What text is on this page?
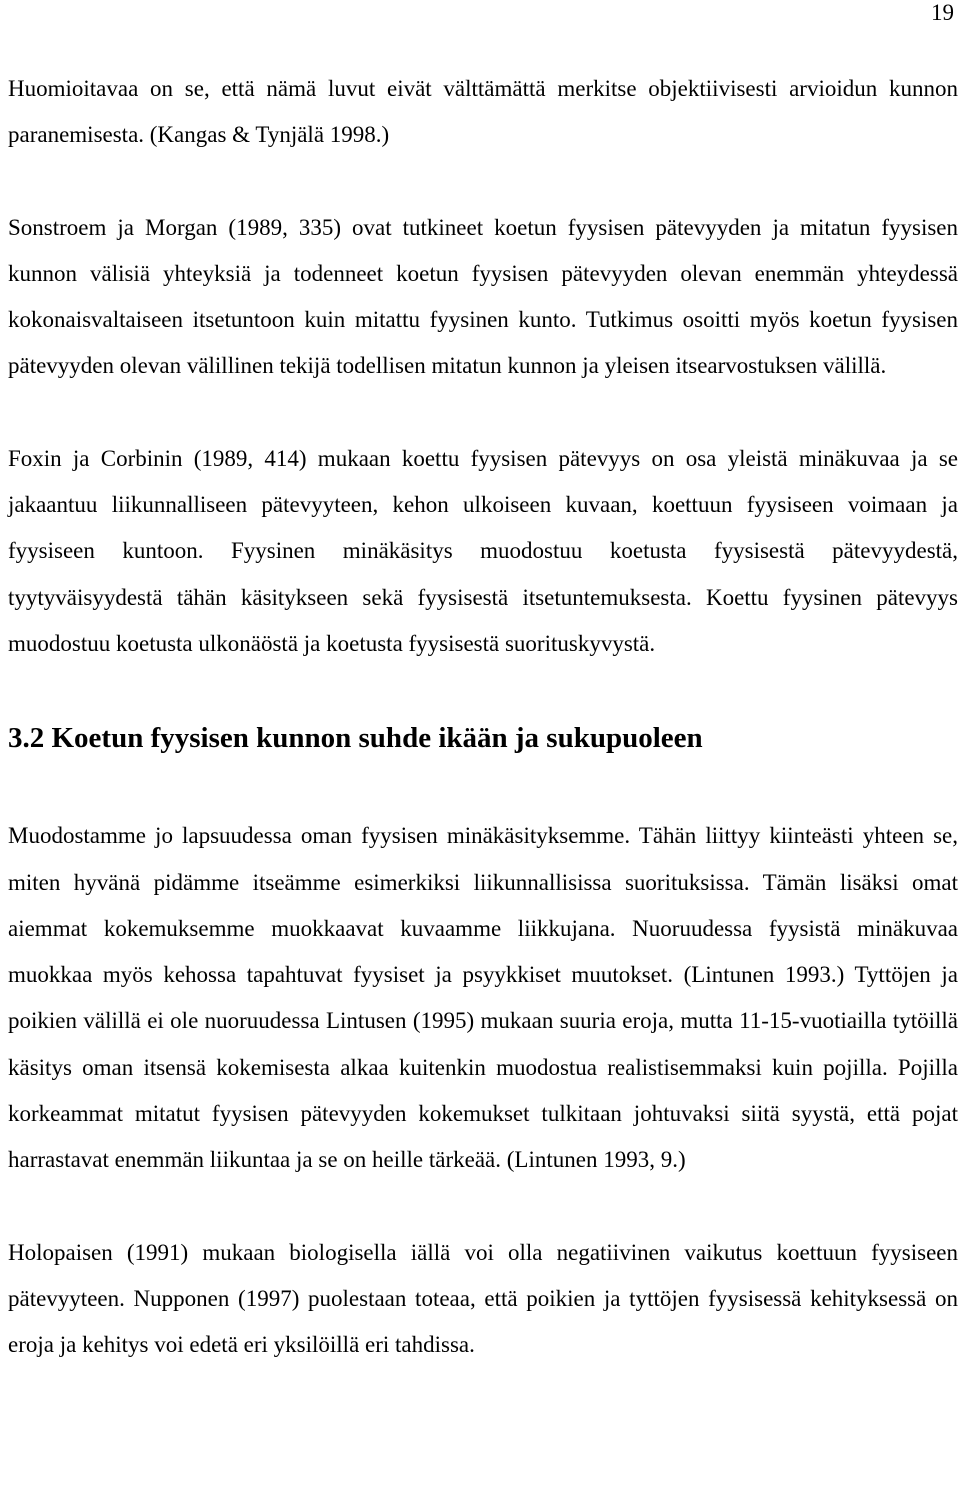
19

Huomioitavaa on se, että nämä luvut eivät välttämättä merkitse objektiivisesti arvioidun kunnon paranemisesta. (Kangas & Tynjälä 1998.)

Sonstroem ja Morgan (1989, 335) ovat tutkineet koetun fyysisen pätevyyden ja mitatun fyysisen kunnon välisiä yhteyksiä ja todenneet koetun fyysisen pätevyyden olevan enemmän yhteydessä kokonaisvaltaiseen itsetuntoon kuin mitattu fyysinen kunto. Tutkimus osoitti myös koetun fyysisen pätevyyden olevan välillinen tekijä todellisen mitatun kunnon ja yleisen itsearvostuksen välillä.

Foxin ja Corbinin (1989, 414) mukaan koettu fyysisen pätevyys on osa yleistä minäkuvaa ja se jakaantuu liikunnalliseen pätevyyteen, kehon ulkoiseen kuvaan, koettuun fyysiseen voimaan ja fyysiseen kuntoon. Fyysinen minäkäsitys muodostuu koetusta fyysisestä pätevyydestä, tyytyväisyydestä tähän käsitykseen sekä fyysisestä itsetuntemuksesta. Koettu fyysinen pätevyys muodostuu koetusta ulkonäöstä ja koetusta fyysisestä suorituskyvystä.

3.2 Koetun fyysisen kunnon suhde ikään ja sukupuoleen

Muodostamme jo lapsuudessa oman fyysisen minäkäsityksemme. Tähän liittyy kiinteästi yhteen se, miten hyvänä pidämme itseämme esimerkiksi liikunnallisissa suorituksissa. Tämän lisäksi omat aiemmat kokemuksemme muokkaavat kuvaamme liikkujana. Nuoruudessa fyysistä minäkuvaa muokkaa myös kehossa tapahtuvat fyysiset ja psyykkiset muutokset. (Lintunen 1993.) Tyttöjen ja poikien välillä ei ole nuoruudessa Lintusen (1995) mukaan suuria eroja, mutta 11-15-vuotiailla tytöillä käsitys oman itsensä kokemisesta alkaa kuitenkin muodostua realistisemmaksi kuin pojilla. Pojilla korkeammat mitatut fyysisen pätevyyden kokemukset tulkitaan johtuvaksi siitä syystä, että pojat harrastavat enemmän liikuntaa ja se on heille tärkeää. (Lintunen 1993, 9.)

Holopaisen (1991) mukaan biologisella iällä voi olla negatiivinen vaikutus koettuun fyysiseen pätevyyteen. Nupponen (1997) puolestaan toteaa, että poikien ja tyttöjen fyysisessä kehityksessä on eroja ja kehitys voi edetä eri yksilöillä eri tahdissa.
